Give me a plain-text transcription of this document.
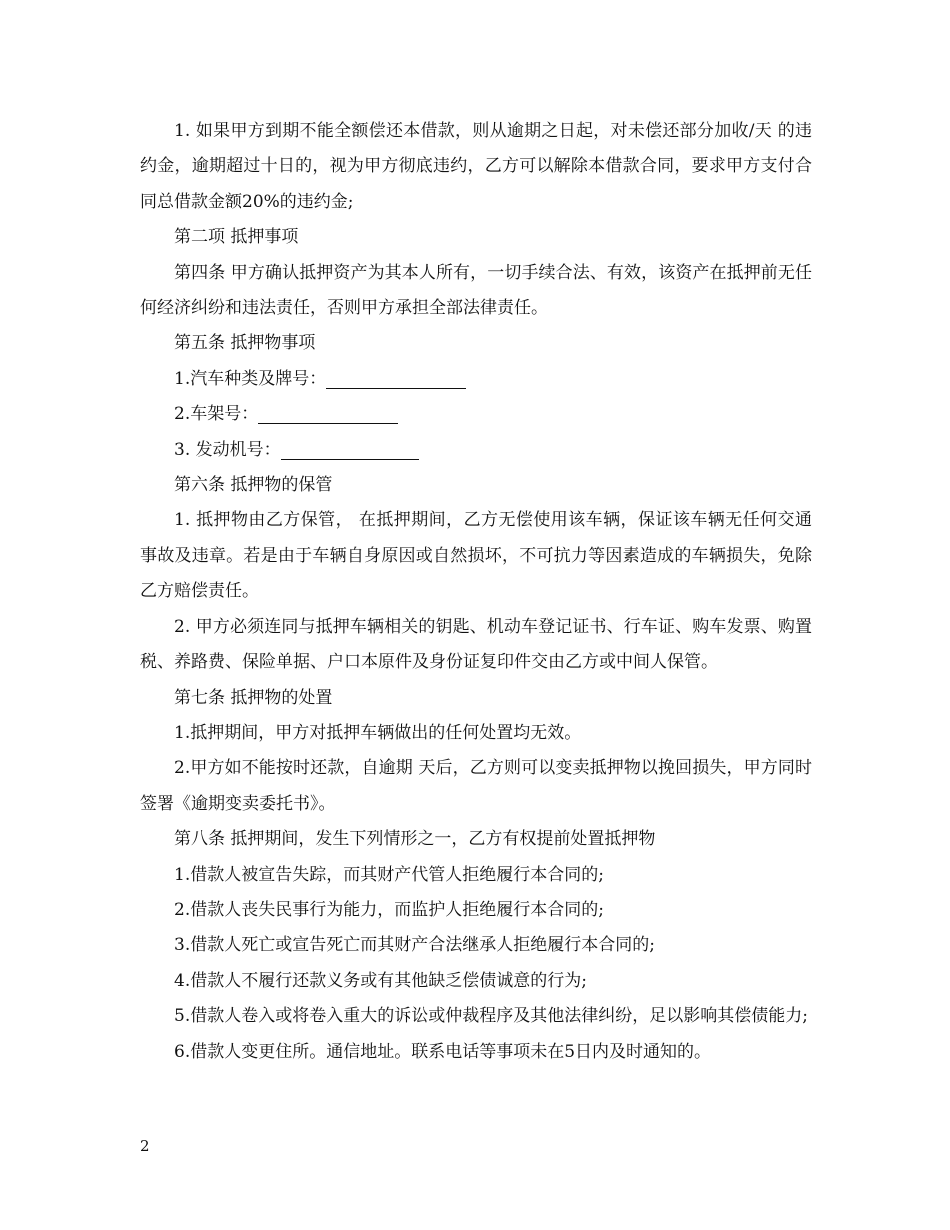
1. 如果甲方到期不能全额偿还本借款，则从逾期之日起，对未偿还部分加收/天 的违约金，逾期超过十日的，视为甲方彻底违约，乙方可以解除本借款合同，要求甲方支付合同总借款金额20%的违约金;

第二项 抵押事项

第四条 甲方确认抵押资产为其本人所有，一切手续合法、有效，该资产在抵押前无任何经济纠纷和违法责任，否则甲方承担全部法律责任。

第五条 抵押物事项

1.汽车种类及牌号：

2.车架号：

3. 发动机号：

第六条 抵押物的保管

1. 抵押物由乙方保管， 在抵押期间，乙方无偿使用该车辆，保证该车辆无任何交通事故及违章。若是由于车辆自身原因或自然损坏，不可抗力等因素造成的车辆损失，免除乙方赔偿责任。

2. 甲方必须连同与抵押车辆相关的钥匙、机动车登记证书、行车证、购车发票、购置税、养路费、保险单据、户口本原件及身份证复印件交由乙方或中间人保管。

第七条 抵押物的处置

1.抵押期间，甲方对抵押车辆做出的任何处置均无效。

2.甲方如不能按时还款，自逾期 天后，乙方则可以变卖抵押物以挽回损失，甲方同时签署《逾期变卖委托书》。

第八条 抵押期间，发生下列情形之一，乙方有权提前处置抵押物

1.借款人被宣告失踪，而其财产代管人拒绝履行本合同的;

2.借款人丧失民事行为能力，而监护人拒绝履行本合同的;

3.借款人死亡或宣告死亡而其财产合法继承人拒绝履行本合同的;

4.借款人不履行还款义务或有其他缺乏偿债诚意的行为;

5.借款人卷入或将卷入重大的诉讼或仲裁程序及其他法律纠纷，足以影响其偿债能力;

6.借款人变更住所。通信地址。联系电话等事项未在5日内及时通知的。

2
